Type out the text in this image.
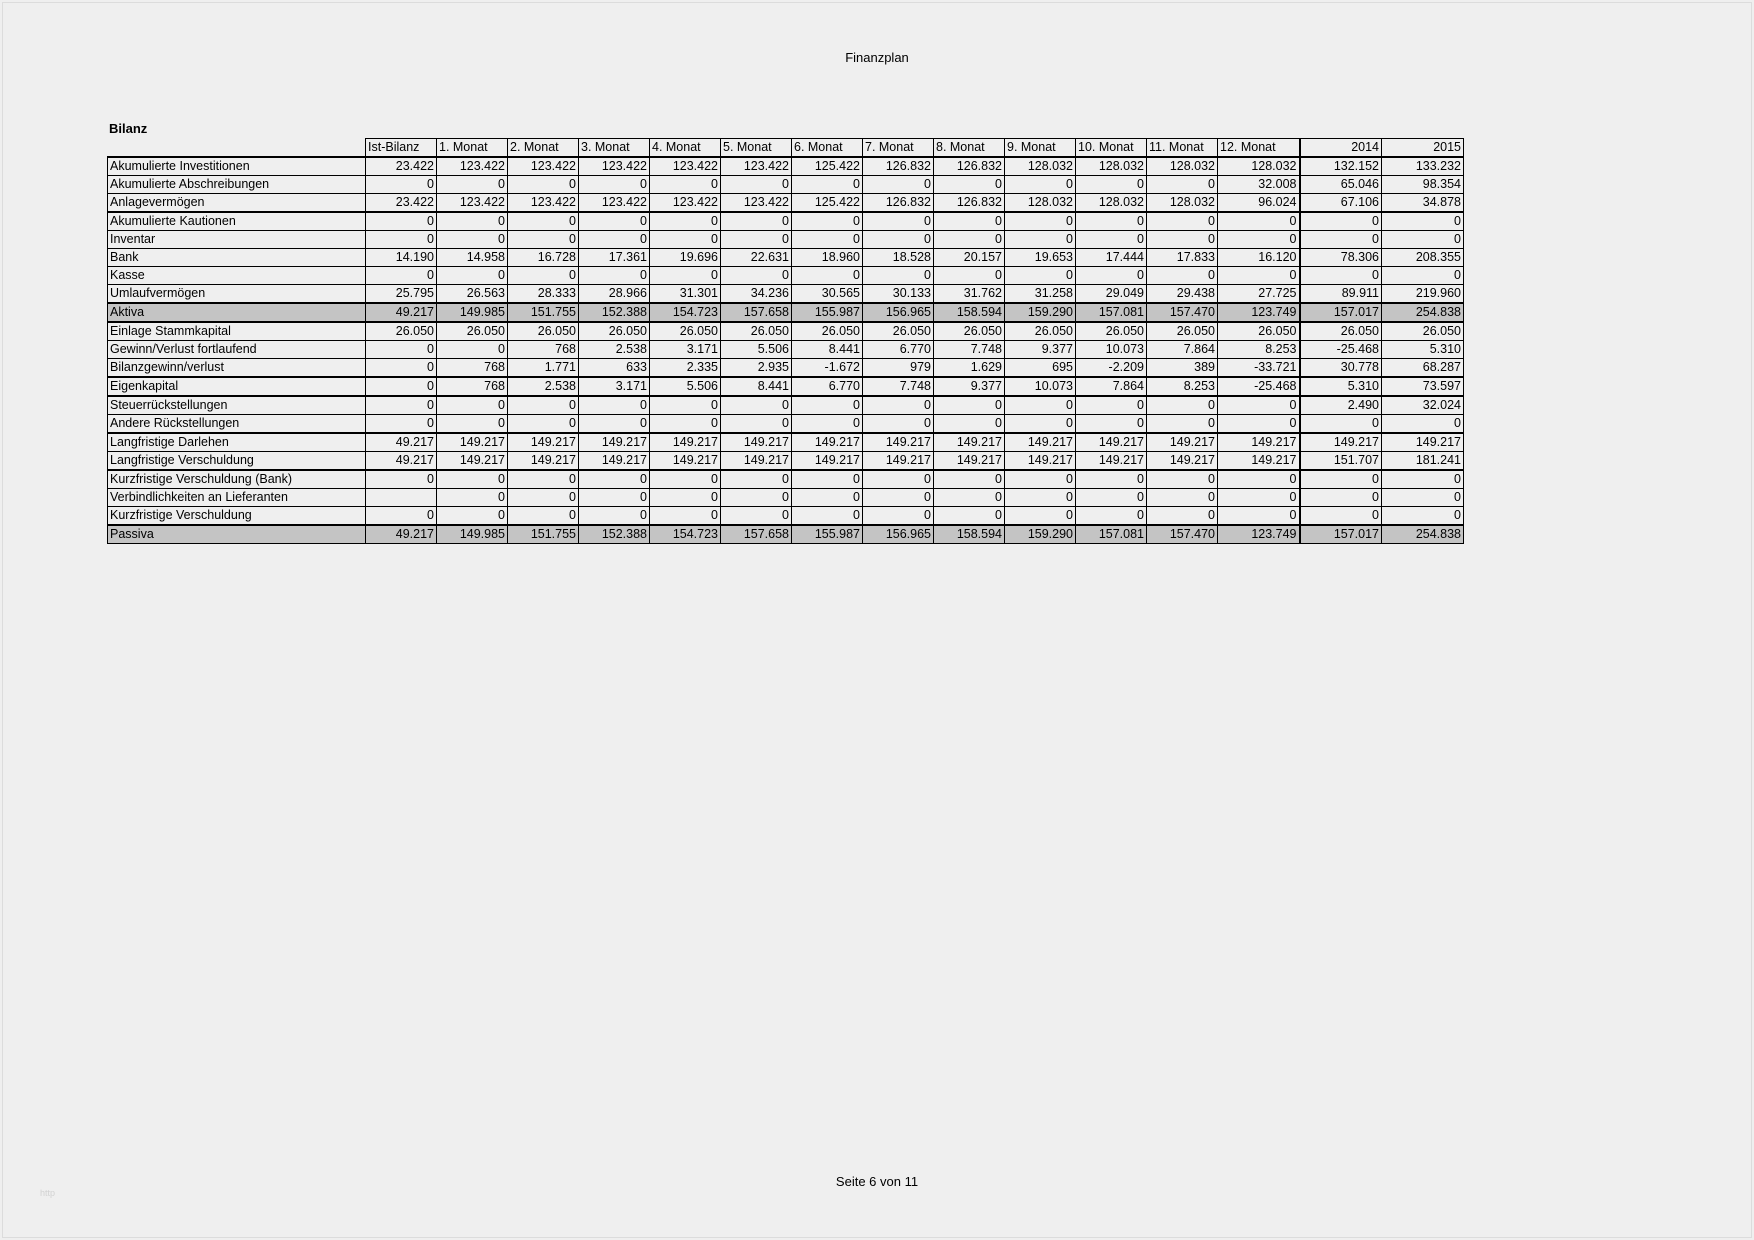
Finanzplan
Bilanz
	Ist-Bilanz	1. Monat	2. Monat	3. Monat	4. Monat	5. Monat	6. Monat	7. Monat	8. Monat	9. Monat	10. Monat	11. Monat	12. Monat	2014	2015
Akumulierte Investitionen	23.422	123.422	123.422	123.422	123.422	123.422	125.422	126.832	126.832	128.032	128.032	128.032	128.032	132.152	133.232
Akumulierte Abschreibungen	0	0	0	0	0	0	0	0	0	0	0	0	32.008	65.046	98.354
Anlagevermögen	23.422	123.422	123.422	123.422	123.422	123.422	125.422	126.832	126.832	128.032	128.032	128.032	96.024	67.106	34.878
Akumulierte Kautionen	0	0	0	0	0	0	0	0	0	0	0	0	0	0	0
Inventar	0	0	0	0	0	0	0	0	0	0	0	0	0	0	0
Bank	14.190	14.958	16.728	17.361	19.696	22.631	18.960	18.528	20.157	19.653	17.444	17.833	16.120	78.306	208.355
Kasse	0	0	0	0	0	0	0	0	0	0	0	0	0	0	0
Umlaufvermögen	25.795	26.563	28.333	28.966	31.301	34.236	30.565	30.133	31.762	31.258	29.049	29.438	27.725	89.911	219.960
Aktiva	49.217	149.985	151.755	152.388	154.723	157.658	155.987	156.965	158.594	159.290	157.081	157.470	123.749	157.017	254.838
Einlage Stammkapital	26.050	26.050	26.050	26.050	26.050	26.050	26.050	26.050	26.050	26.050	26.050	26.050	26.050	26.050	26.050
Gewinn/Verlust fortlaufend	0	0	768	2.538	3.171	5.506	8.441	6.770	7.748	9.377	10.073	7.864	8.253	-25.468	5.310
Bilanzgewinn/verlust	0	768	1.771	633	2.335	2.935	-1.672	979	1.629	695	-2.209	389	-33.721	30.778	68.287
Eigenkapital	0	768	2.538	3.171	5.506	8.441	6.770	7.748	9.377	10.073	7.864	8.253	-25.468	5.310	73.597
Steuerrückstellungen	0	0	0	0	0	0	0	0	0	0	0	0	0	2.490	32.024
Andere Rückstellungen	0	0	0	0	0	0	0	0	0	0	0	0	0	0	0
Langfristige Darlehen	49.217	149.217	149.217	149.217	149.217	149.217	149.217	149.217	149.217	149.217	149.217	149.217	149.217	149.217	149.217
Langfristige Verschuldung	49.217	149.217	149.217	149.217	149.217	149.217	149.217	149.217	149.217	149.217	149.217	149.217	149.217	151.707	181.241
Kurzfristige Verschuldung (Bank)	0	0	0	0	0	0	0	0	0	0	0	0	0	0	0
Verbindlichkeiten an Lieferanten		0	0	0	0	0	0	0	0	0	0	0	0	0	0
Kurzfristige Verschuldung	0	0	0	0	0	0	0	0	0	0	0	0	0	0	0
Passiva	49.217	149.985	151.755	152.388	154.723	157.658	155.987	156.965	158.594	159.290	157.081	157.470	123.749	157.017	254.838
Seite 6 von 11
http
